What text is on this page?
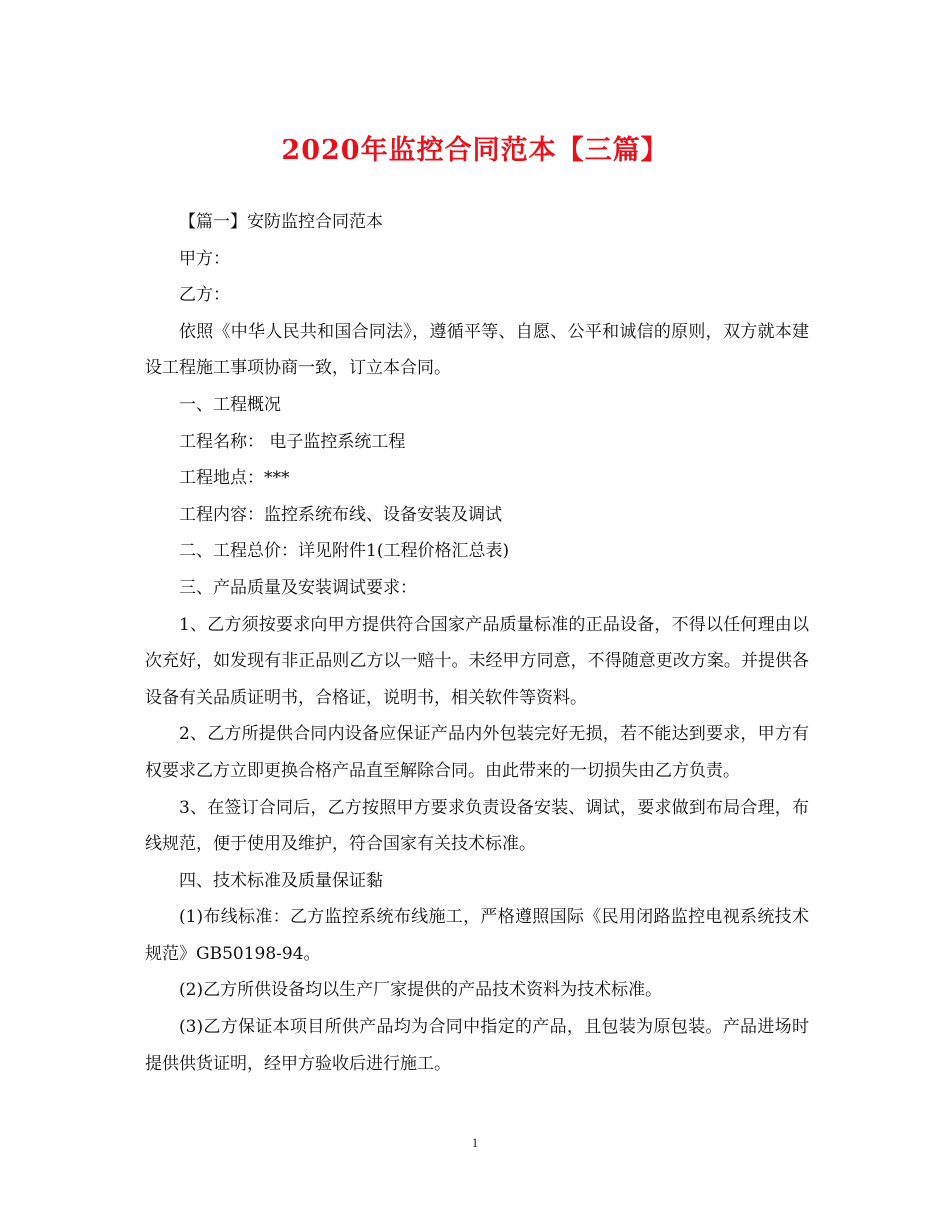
2020年监控合同范本【三篇】

【篇一】安防监控合同范本

甲方：

乙方：

依照《中华人民共和国合同法》，遵循平等、自愿、公平和诚信的原则，双方就本建设工程施工事项协商一致，订立本合同。

一、工程概况

工程名称： 电子监控系统工程

工程地点：***

工程内容：监控系统布线、设备安装及调试

二、工程总价：详见附件1(工程价格汇总表)

三、产品质量及安装调试要求：

1、乙方须按要求向甲方提供符合国家产品质量标准的正品设备，不得以任何理由以次充好，如发现有非正品则乙方以一赔十。未经甲方同意，不得随意更改方案。并提供各设备有关品质证明书，合格证，说明书，相关软件等资料。

2、乙方所提供合同内设备应保证产品内外包装完好无损，若不能达到要求，甲方有权要求乙方立即更换合格产品直至解除合同。由此带来的一切损失由乙方负责。

3、在签订合同后，乙方按照甲方要求负责设备安装、调试，要求做到布局合理，布线规范，便于使用及维护，符合国家有关技术标准。

四、技术标准及质量保证黏

(1)布线标准：乙方监控系统布线施工，严格遵照国际《民用闭路监控电视系统技术规范》GB50198-94。

(2)乙方所供设备均以生产厂家提供的产品技术资料为技术标准。

(3)乙方保证本项目所供产品均为合同中指定的产品，且包装为原包装。产品进场时提供供货证明，经甲方验收后进行施工。

1
